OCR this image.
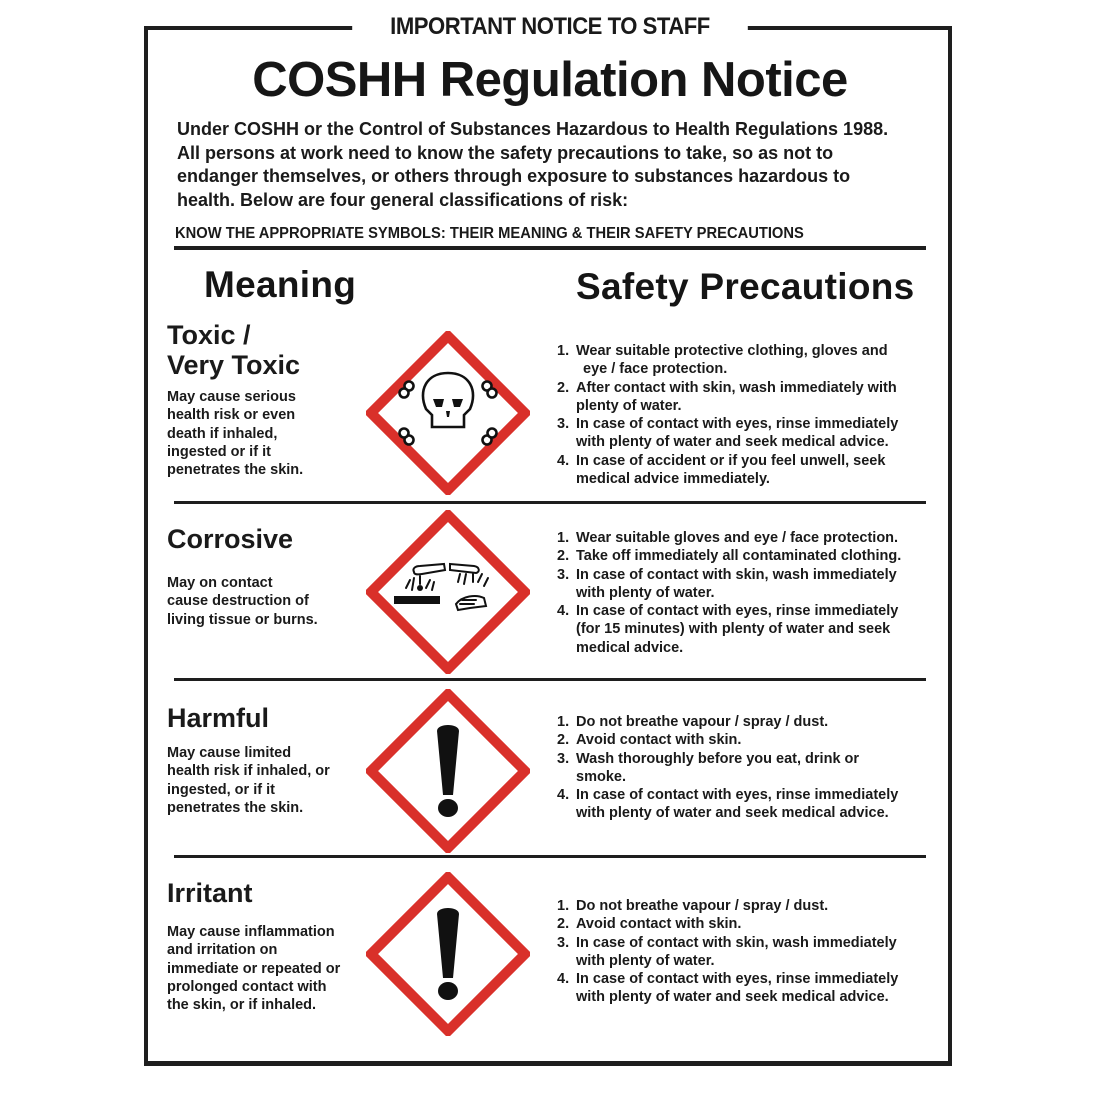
IMPORTANT NOTICE TO STAFF
COSHH Regulation Notice

Under COSHH or the Control of Substances Hazardous to Health Regulations 1988.

All persons at work need to know the safety precautions to take, so as not to

endanger themselves, or others through exposure to substances hazardous to

health. Below are four general classifications of risk:

KNOW THE APPROPRIATE SYMBOLS: THEIR MEANING & THEIR SAFETY PRECAUTIONS
Meaning	Safety Precautions
Toxic /
Very Toxic

May cause serious

health risk or even

death if inhaled,

ingested or if it

penetrates the skin.

1. Wear suitable protective clothing, gloves and

eye / face protection.

2. After contact with skin, wash immediately with

plenty of water.

3. In case of contact with eyes, rinse immediately

with plenty of water and seek medical advice.

4. In case of accident or if you feel unwell, seek

medical advice immediately.

Corrosive

May on contact

cause destruction of

living tissue or burns.

1. Wear suitable gloves and eye / face protection.

2. Take off immediately all contaminated clothing.

3. In case of contact with skin, wash immediately

with plenty of water.

4. In case of contact with eyes, rinse immediately

(for 15 minutes) with plenty of water and seek

medical advice.

Harmful

May cause limited

health risk if inhaled, or

ingested, or if it

penetrates the skin.

1. Do not breathe vapour / spray / dust.

2. Avoid contact with skin.

3. Wash thoroughly before you eat, drink or

smoke.

4. In case of contact with eyes, rinse immediately

with plenty of water and seek medical advice.

Irritant

May cause inflammation

and irritation on

immediate or repeated or

prolonged contact with

the skin, or if inhaled.

1. Do not breathe vapour / spray / dust.

2. Avoid contact with skin.

3. In case of contact with skin, wash immediately

with plenty of water.

4. In case of contact with eyes, rinse immediately

with plenty of water and seek medical advice.
